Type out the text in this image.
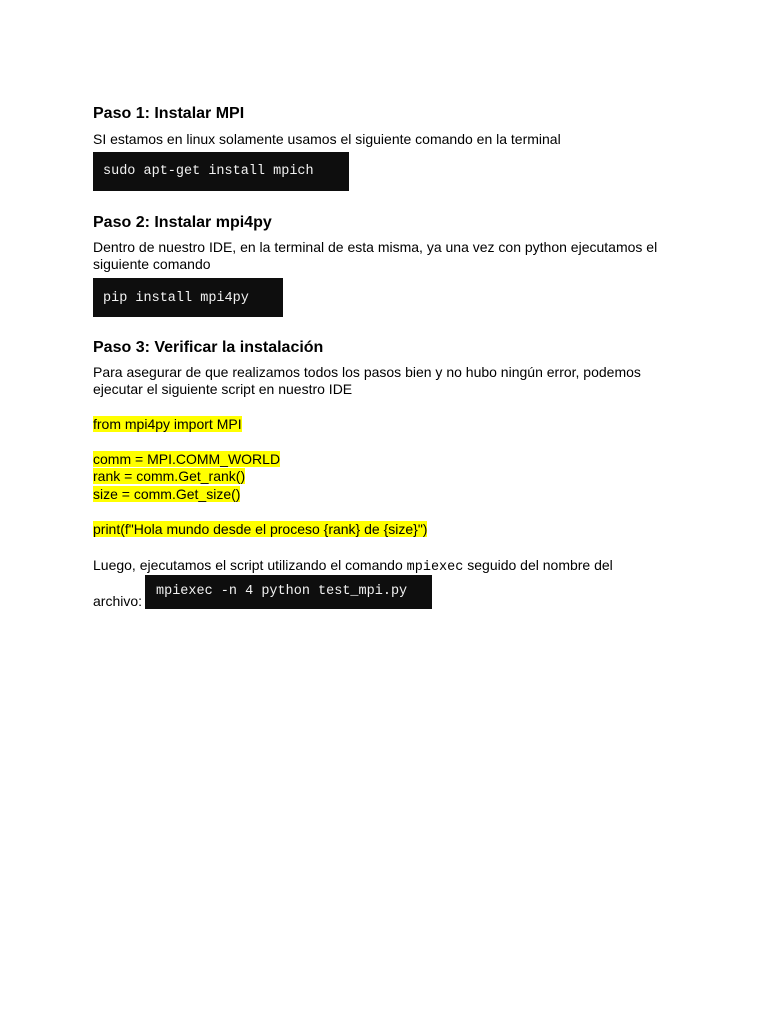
Paso 1: Instalar MPI

SI estamos en linux solamente usamos el siguiente comando en la terminal

sudo apt-get install mpich
Paso 2: Instalar mpi4py

Dentro de nuestro IDE, en la terminal de esta misma, ya una vez con python ejecutamos el siguiente comando

pip install mpi4py
Paso 3: Verificar la instalación

Para asegurar de que realizamos todos los pasos bien y no hubo ningún error, podemos ejecutar el siguiente script en nuestro IDE

from mpi4py import MPI

comm = MPI.COMM_WORLD

rank = comm.Get_rank()

size = comm.Get_size()

print(f"Hola mundo desde el proceso {rank} de {size}")

Luego, ejecutamos el script utilizando el comando mpiexec seguido del nombre del

archivo:
mpiexec -n 4 python test_mpi.py
